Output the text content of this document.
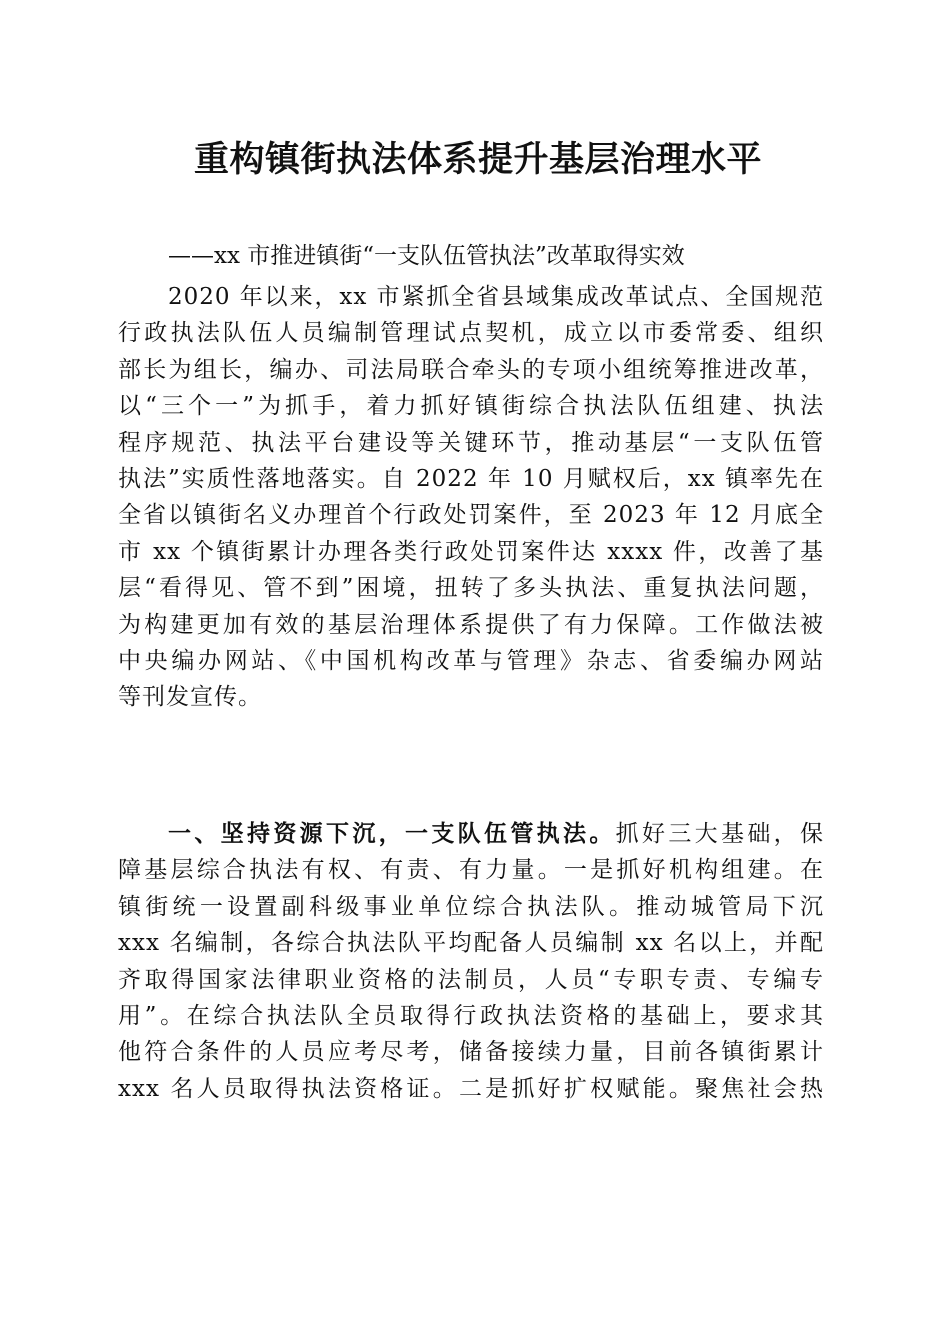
重构镇街执法体系提升基层治理水平

——xx 市推进镇街“一支队伍管执法”改革取得实效

2020 年以来，xx 市紧抓全省县域集成改革试点、全国规范
行政执法队伍人员编制管理试点契机，成立以市委常委、组织
部长为组长，编办、司法局联合牵头的专项小组统筹推进改革，
以“三个一”为抓手，着力抓好镇街综合执法队伍组建、执法
程序规范、执法平台建设等关键环节，推动基层“一支队伍管
执法”实质性落地落实。自 2022 年 10 月赋权后，xx 镇率先在
全省以镇街名义办理首个行政处罚案件，至 2023 年 12 月底全
市 xx 个镇街累计办理各类行政处罚案件达 xxxx 件，改善了基
层“看得见、管不到”困境，扭转了多头执法、重复执法问题，
为构建更加有效的基层治理体系提供了有力保障。工作做法被
中央编办网站、《中国机构改革与管理》杂志、省委编办网站
等刊发宣传。
一、坚持资源下沉，一支队伍管执法。抓好三大基础，保
障基层综合执法有权、有责、有力量。一是抓好机构组建。在
镇街统一设置副科级事业单位综合执法队。推动城管局下沉
xxx 名编制，各综合执法队平均配备人员编制 xx 名以上，并配
齐取得国家法律职业资格的法制员，人员“专职专责、专编专
用”。在综合执法队全员取得行政执法资格的基础上，要求其
他符合条件的人员应考尽考，储备接续力量，目前各镇街累计
xxx 名人员取得执法资格证。二是抓好扩权赋能。聚焦社会热
